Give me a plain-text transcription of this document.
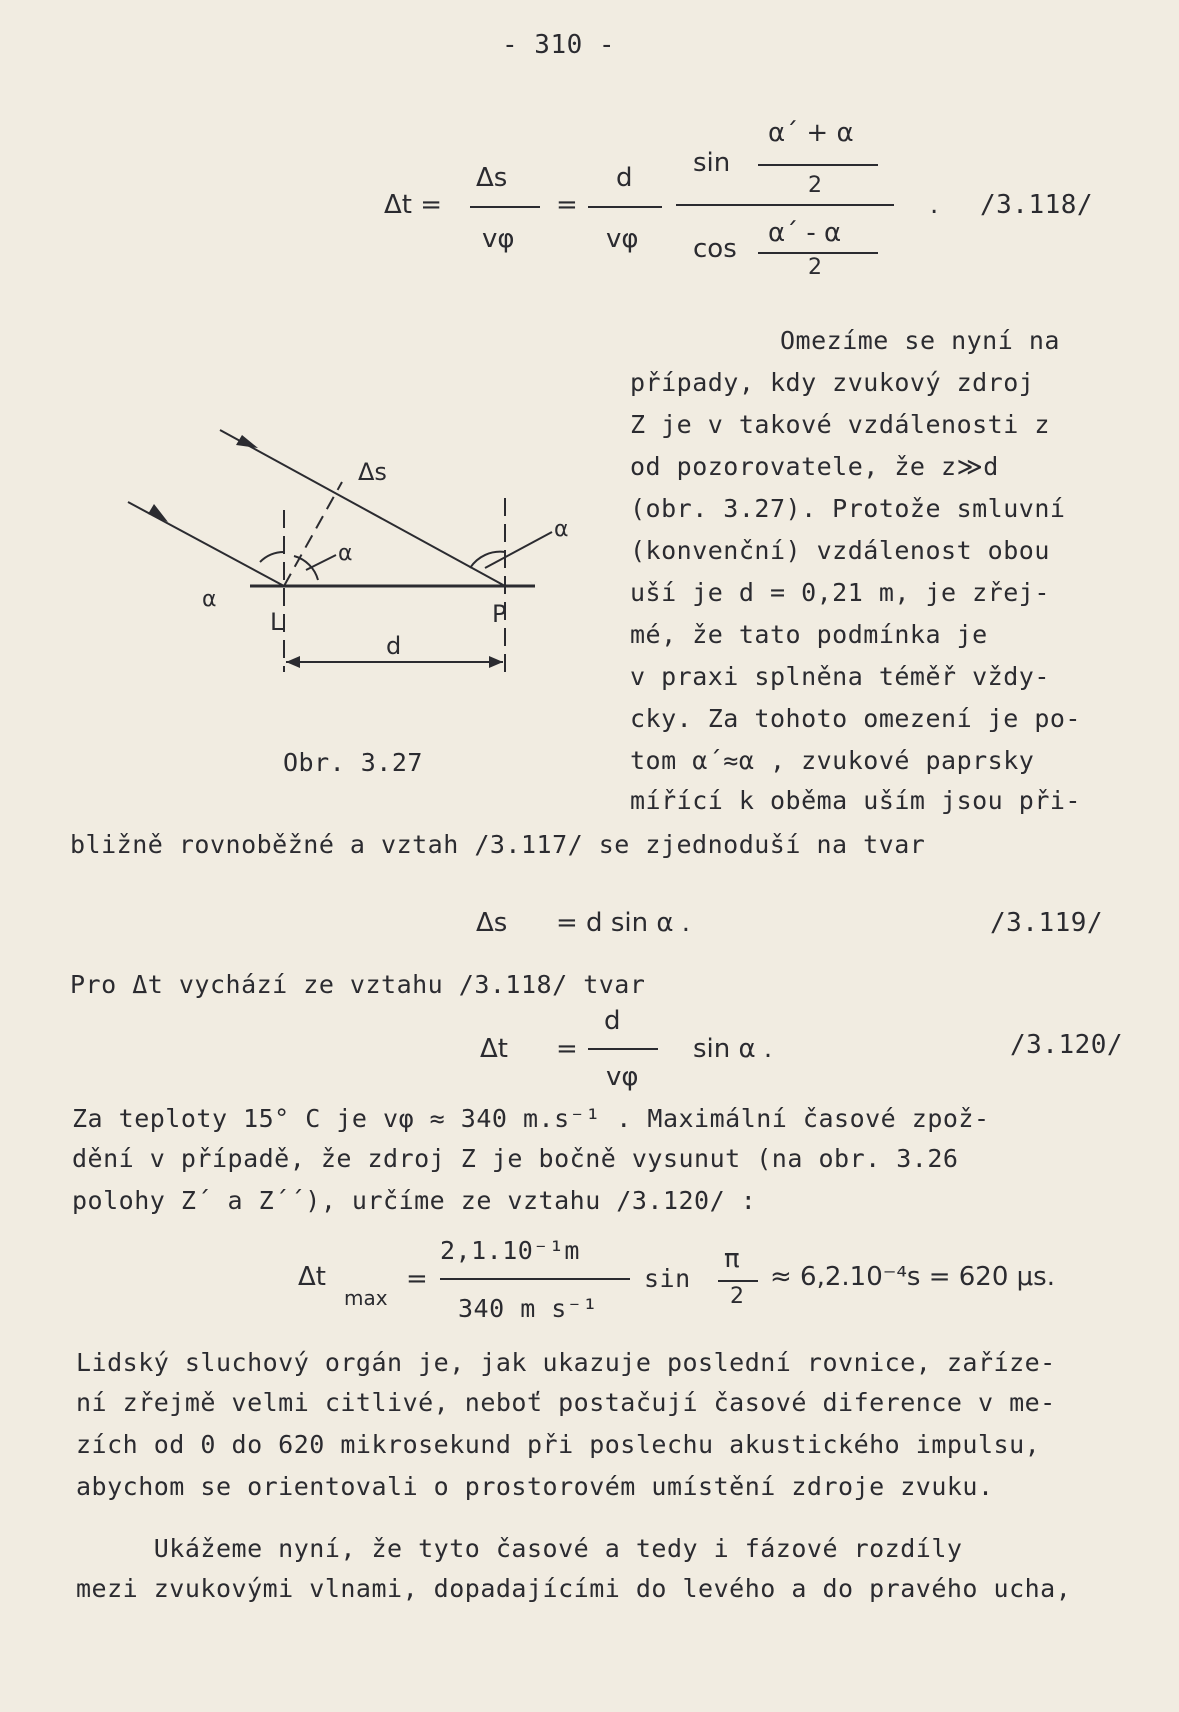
- 310 -
Δt =
Δs
vφ
=
d
vφ
sin
α´ + α
2
cos
α´ - α
2
. /3.118/
Omezíme se nyní na
případy, kdy zvukový zdroj
Z je v takové vzdálenosti z
od pozorovatele, že z≫d
(obr. 3.27). Protože smluvní
(konvenční) vzdálenost obou
uší je d = 0,21 m, je zřej-
mé, že tato podmínka je
v praxi splněna téměř vždy-
cky. Za tohoto omezení je po-
tom α´≈α , zvukové paprsky
mířící k oběma uším jsou při-
Δs
α
α
α
L	P
d
Obr. 3.27
bližně rovnoběžné a vztah /3.117/ se zjednoduší na tvar
Δs = d sin α .	/3.119/
Pro Δt vychází ze vztahu /3.118/ tvar
Δt =
d
vφ
sin α .	/3.120/
Za teploty 15° C je vφ ≈ 340 m.s⁻¹ . Maximální časové zpož-
dění v případě, že zdroj Z je bočně vysunut (na obr. 3.26
polohy Z´ a Z´´), určíme ze vztahu /3.120/ :
Δt
max
=
2,1.10⁻¹m
340 m s⁻¹
sin
π
2
≈ 6,2.10⁻⁴s = 620 μs.
Lidský sluchový orgán je, jak ukazuje poslední rovnice, zaříze-
ní zřejmě velmi citlivé, neboť postačují časové diference v me-
zích od 0 do 620 mikrosekund při poslechu akustického impulsu,
abychom se orientovali o prostorovém umístění zdroje zvuku.
Ukážeme nyní, že tyto časové a tedy i fázové rozdíly
mezi zvukovými vlnami, dopadajícími do levého a do pravého ucha,
